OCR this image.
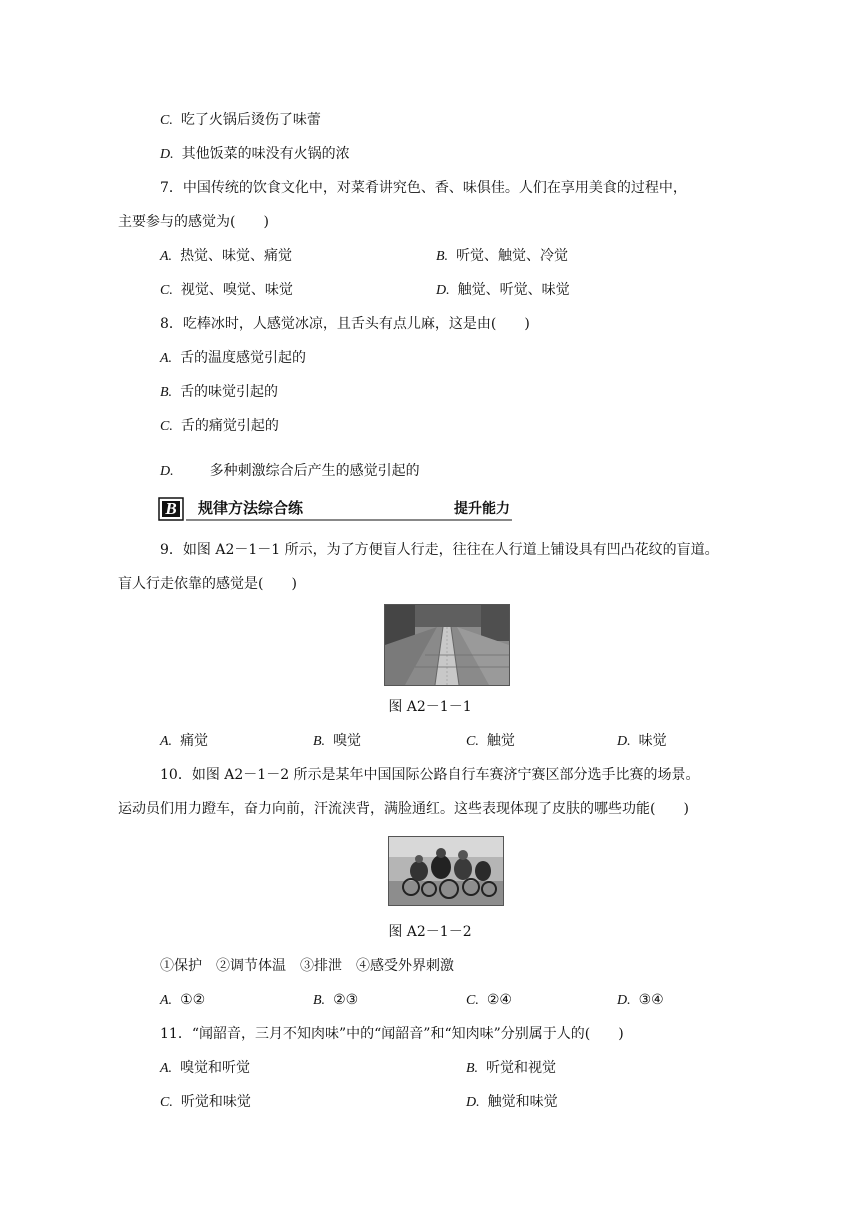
C. 吃了火锅后烫伤了味蕾
D. 其他饭菜的味没有火锅的浓
7．中国传统的饮食文化中，对菜肴讲究色、香、味俱佳。人们在享用美食的过程中，
主要参与的感觉为(　　)
A. 热觉、味觉、痛觉	B. 听觉、触觉、冷觉
C. 视觉、嗅觉、味觉	D. 触觉、听觉、味觉
8．吃棒冰时，人感觉冰凉，且舌头有点儿麻，这是由(　　)
A. 舌的温度感觉引起的
B. 舌的味觉引起的
C. 舌的痛觉引起的
D.	多种刺激综合后产生的感觉引起的
B 规律方法综合练	提升能力
9．如图 A2－1－1 所示，为了方便盲人行走，往往在人行道上铺设具有凹凸花纹的盲道。
盲人行走依靠的感觉是(　　)
图 A2－1－1
A. 痛觉	B. 嗅觉	C. 触觉	D. 味觉
10．如图 A2－1－2 所示是某年中国国际公路自行车赛济宁赛区部分选手比赛的场景。
运动员们用力蹬车，奋力向前，汗流浃背，满脸通红。这些表现体现了皮肤的哪些功能(　　)
图 A2－1－2
①保护　②调节体温　③排泄　④感受外界刺激
A. ①②	B. ②③	C. ②④	D. ③④
11．“闻韶音，三月不知肉味”中的“闻韶音”和“知肉味”分别属于人的(　　)
A. 嗅觉和听觉	B. 听觉和视觉
C. 听觉和味觉	D. 触觉和味觉
